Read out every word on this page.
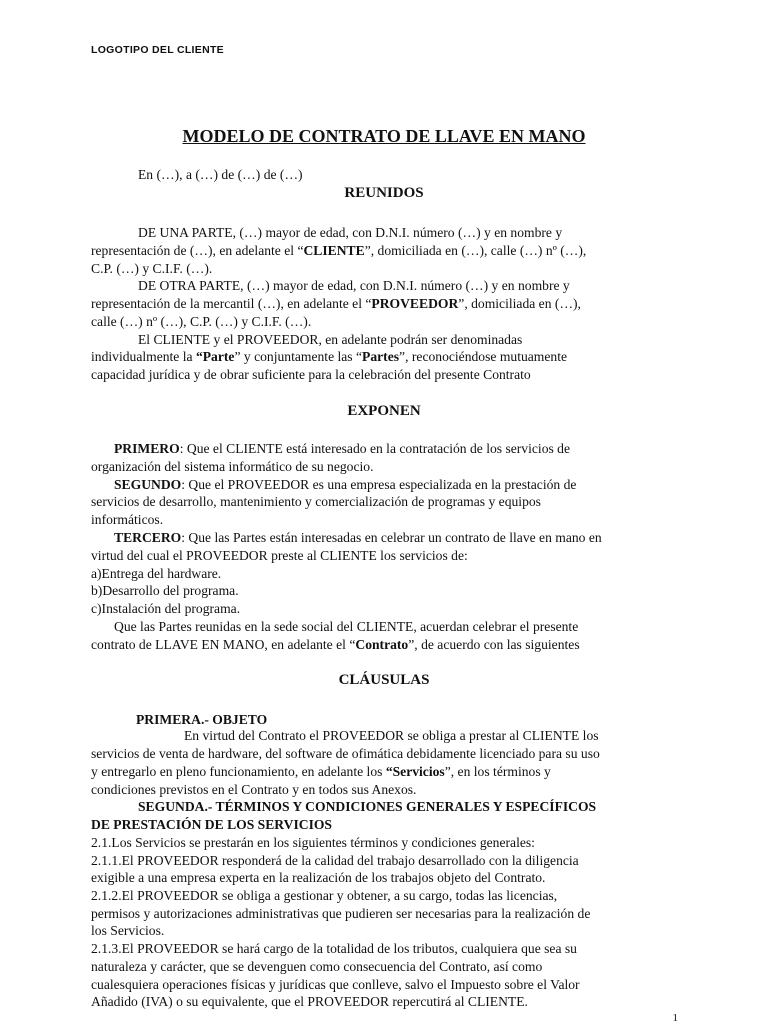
LOGOTIPO DEL CLIENTE
MODELO DE CONTRATO DE LLAVE EN MANO
En (…), a (…) de (…) de (…)
REUNIDOS
DE UNA PARTE, (…) mayor de edad, con D.N.I. número (…) y en nombre y
representación de (…), en adelante el “CLIENTE”, domiciliada en (…), calle (…) nº (…),
C.P. (…) y C.I.F. (…).
DE OTRA PARTE, (…) mayor de edad, con D.N.I. número (…) y en nombre y
representación de la mercantil (…), en adelante el “PROVEEDOR”, domiciliada en (…),
calle (…) nº (…), C.P. (…) y C.I.F. (…).
El CLIENTE y el PROVEEDOR, en adelante podrán ser denominadas
individualmente la “Parte” y conjuntamente las “Partes”, reconociéndose mutuamente
capacidad jurídica y de obrar suficiente para la celebración del presente Contrato
EXPONEN
PRIMERO: Que el CLIENTE está interesado en la contratación de los servicios de
organización del sistema informático de su negocio.
SEGUNDO: Que el PROVEEDOR es una empresa especializada en la prestación de
servicios de desarrollo, mantenimiento y comercialización de programas y equipos
informáticos.
TERCERO: Que las Partes están interesadas en celebrar un contrato de llave en mano en
virtud del cual el PROVEEDOR preste al CLIENTE los servicios de:
a)Entrega del hardware.
b)Desarrollo del programa.
c)Instalación del programa.
Que las Partes reunidas en la sede social del CLIENTE, acuerdan celebrar el presente
contrato de LLAVE EN MANO, en adelante el “Contrato”, de acuerdo con las siguientes
CLÁUSULAS
PRIMERA.- OBJETO
En virtud del Contrato el PROVEEDOR se obliga a prestar al CLIENTE los
servicios de venta de hardware, del software de ofimática debidamente licenciado para su uso
y entregarlo en pleno funcionamiento, en adelante los “Servicios”, en los términos y
condiciones previstos en el Contrato y en todos sus Anexos.
SEGUNDA.- TÉRMINOS Y CONDICIONES GENERALES Y ESPECÍFICOS
DE PRESTACIÓN DE LOS SERVICIOS
2.1.Los Servicios se prestarán en los siguientes términos y condiciones generales:
2.1.1.El PROVEEDOR responderá de la calidad del trabajo desarrollado con la diligencia
exigible a una empresa experta en la realización de los trabajos objeto del Contrato.
2.1.2.El PROVEEDOR se obliga a gestionar y obtener, a su cargo, todas las licencias,
permisos y autorizaciones administrativas que pudieren ser necesarias para la realización de
los Servicios.
2.1.3.El PROVEEDOR se hará cargo de la totalidad de los tributos, cualquiera que sea su
naturaleza y carácter, que se devenguen como consecuencia del Contrato, así como
cualesquiera operaciones físicas y jurídicas que conlleve, salvo el Impuesto sobre el Valor
Añadido (IVA) o su equivalente, que el PROVEEDOR repercutirá al CLIENTE.
1
